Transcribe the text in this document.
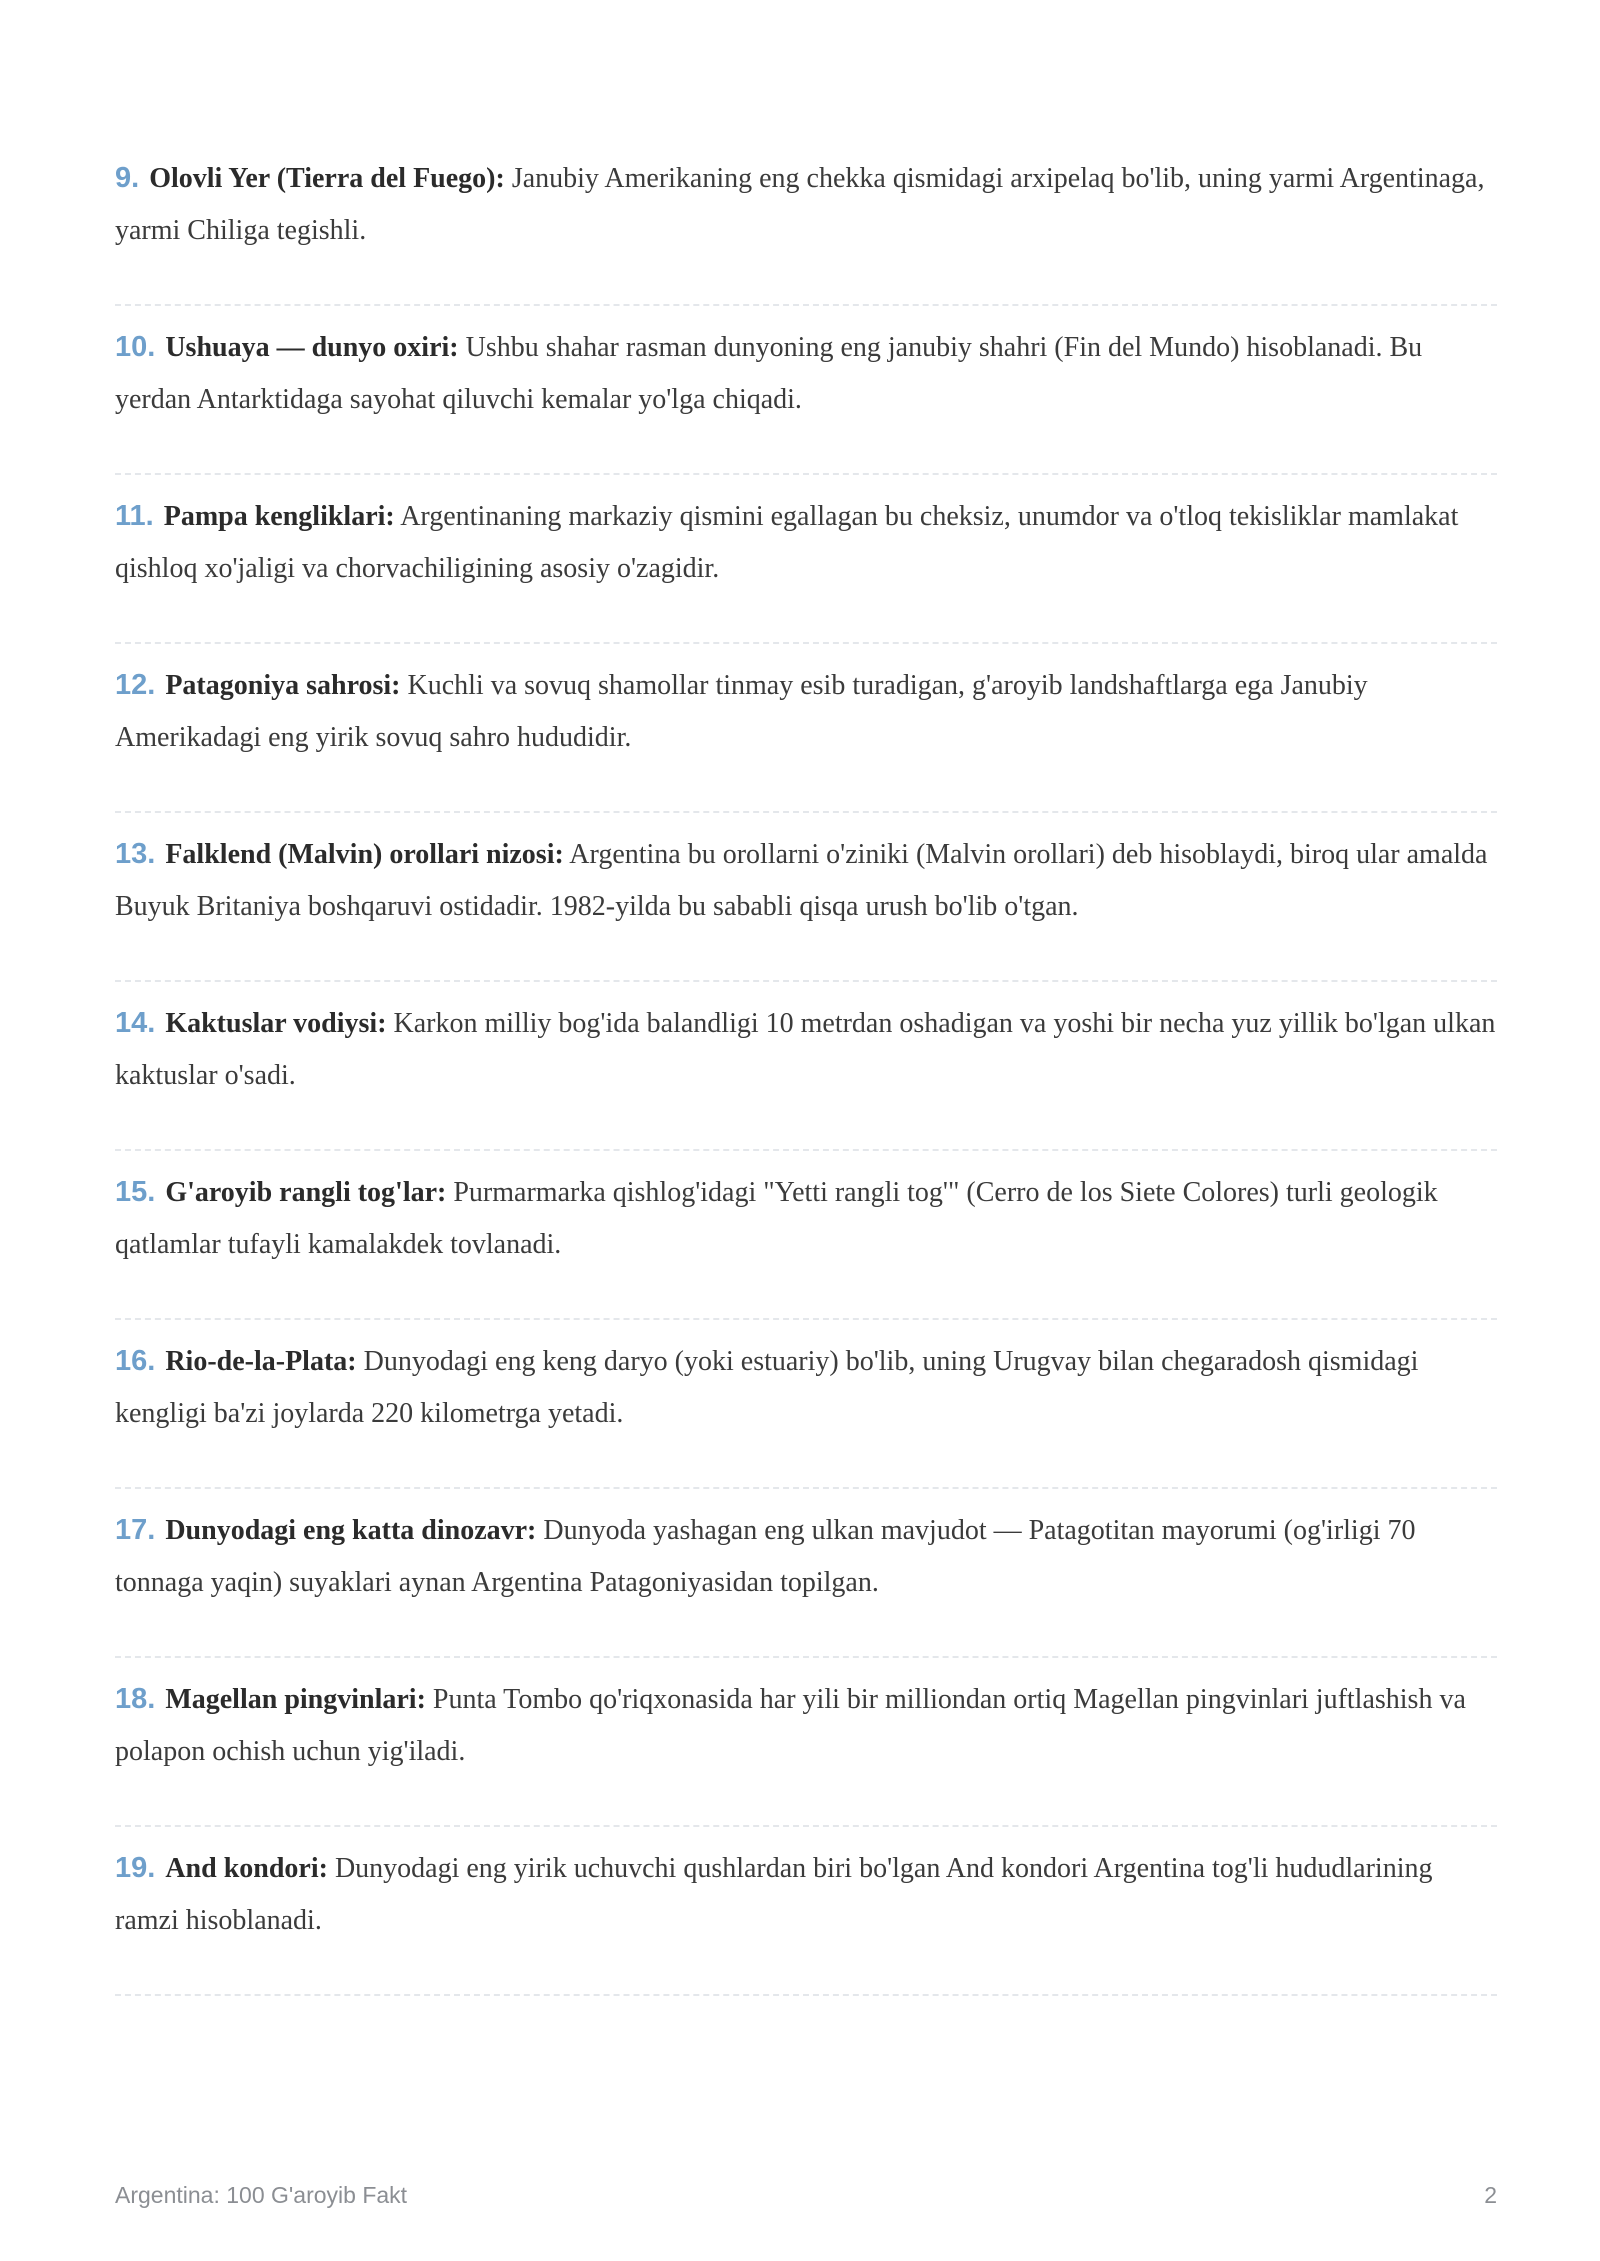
9. Olovli Yer (Tierra del Fuego): Janubiy Amerikaning eng chekka qismidagi arxipelaq bo'lib, uning yarmi Argentinaga, yarmi Chiliga tegishli.

10. Ushuaya — dunyo oxiri: Ushbu shahar rasman dunyoning eng janubiy shahri (Fin del Mundo) hisoblanadi. Bu yerdan Antarktidaga sayohat qiluvchi kemalar yo'lga chiqadi.

11. Pampa kengliklari: Argentinaning markaziy qismini egallagan bu cheksiz, unumdor va o'tloq tekisliklar mamlakat qishloq xo'jaligi va chorvachiligining asosiy o'zagidir.

12. Patagoniya sahrosi: Kuchli va sovuq shamollar tinmay esib turadigan, g'aroyib landshaftlarga ega Janubiy Amerikadagi eng yirik sovuq sahro hududidir.

13. Falklend (Malvin) orollari nizosi: Argentina bu orollarni o'ziniki (Malvin orollari) deb hisoblaydi, biroq ular amalda Buyuk Britaniya boshqaruvi ostidadir. 1982-yilda bu sababli qisqa urush bo'lib o'tgan.

14. Kaktuslar vodiysi: Karkon milliy bog'ida balandligi 10 metrdan oshadigan va yoshi bir necha yuz yillik bo'lgan ulkan kaktuslar o'sadi.

15. G'aroyib rangli tog'lar: Purmarmarka qishlog'idagi "Yetti rangli tog'" (Cerro de los Siete Colores) turli geologik qatlamlar tufayli kamalakdek tovlanadi.

16. Rio-de-la-Plata: Dunyodagi eng keng daryo (yoki estuariy) bo'lib, uning Urugvay bilan chegaradosh qismidagi kengligi ba'zi joylarda 220 kilometrga yetadi.

17. Dunyodagi eng katta dinozavr: Dunyoda yashagan eng ulkan mavjudot — Patagotitan mayorumi (og'irligi 70 tonnaga yaqin) suyaklari aynan Argentina Patagoniyasidan topilgan.

18. Magellan pingvinlari: Punta Tombo qo'riqxonasida har yili bir milliondan ortiq Magellan pingvinlari juftlashish va polapon ochish uchun yig'iladi.

19. And kondori: Dunyodagi eng yirik uchuvchi qushlardan biri bo'lgan And kondori Argentina tog'li hududlarining ramzi hisoblanadi.

Argentina: 100 G'aroyib Fakt	2
